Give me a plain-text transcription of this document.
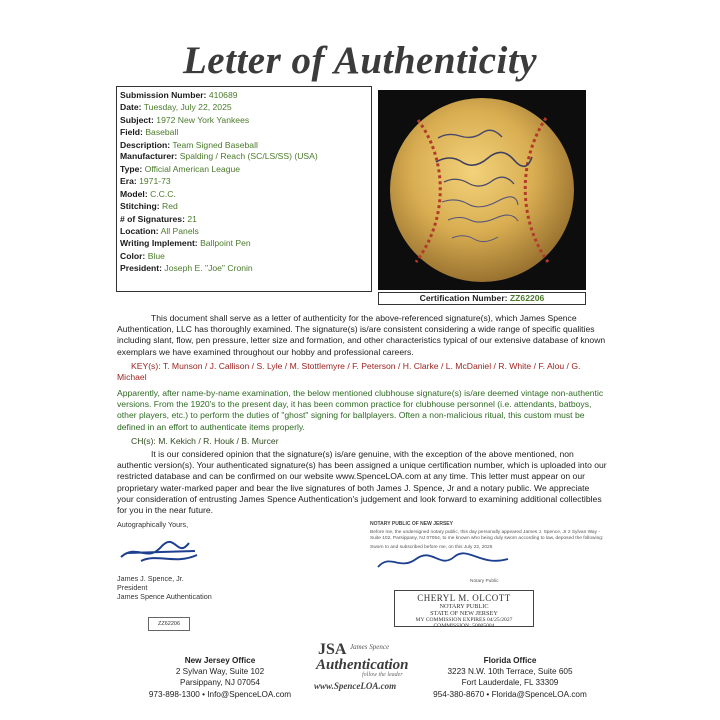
Letter of Authenticity
Submission Number: 410689
Date: Tuesday, July 22, 2025
Subject: 1972 New York Yankees
Field: Baseball
Description: Team Signed Baseball
Manufacturer: Spalding / Reach (SC/LS/SS) (USA)
Type: Official American League
Era: 1971-73
Model: C.C.C.
Stitching: Red
# of Signatures: 21
Location: All Panels
Writing Implement: Ballpoint Pen
Color: Blue
President: Joseph E. "Joe" Cronin
Certification Number: ZZ62206
This document shall serve as a letter of authenticity for the above-referenced signature(s), which James Spence Authentication, LLC has thoroughly examined. The signature(s) is/are consistent considering a wide range of specific qualities including slant, flow, pen pressure, letter size and formation, and other characteristics typical of our extensive database of known exemplars we have examined throughout our hobby and professional careers.
KEY(s): T. Munson / J. Callison / S. Lyle / M. Stottlemyre / F. Peterson / H. Clarke / L. McDaniel / R. White / F. Alou / G. Michael
Apparently, after name-by-name examination, the below mentioned clubhouse signature(s) is/are deemed vintage non-authentic versions. From the 1920's to the present day, it has been common practice for clubhouse personnel (i.e. attendants, batboys, other players, etc.) to perform the duties of "ghost" signing for ballplayers. Often a non-malicious ritual, this custom must be defined in an effort to authenticate items properly.
CH(s): M. Kekich / R. Houk / B. Murcer
It is our considered opinion that the signature(s) is/are genuine, with the exception of the above mentioned, non authentic version(s). Your authenticated signature(s) has been assigned a unique certification number, which is uploaded into our restricted database and can be confirmed on our website www.SpenceLOA.com at any time. This letter must appear on our proprietary water-marked paper and bear the live signatures of both James J. Spence, Jr and a notary public. We appreciate your consideration of entrusting James Spence Authentication's judgement and look forward to examining additional collectibles for you in the near future.
Autographically Yours,
James J. Spence, Jr.
President
James Spence Authentication
ZZ62206
NOTARY PUBLIC OF NEW JERSEY
Before me, the undersigned notary public, this day personally appeared James J. Spence, Jr 2 Sylvan Way - Suite 102, Parsippany, NJ 07054, to me known who being duly sworn according to law, deposed the following:
Sworn to and subscribed before me, on this July 22, 2025
Notary Public
CHERYL M. OLCOTT
NOTARY PUBLIC
STATE OF NEW JERSEY
MY COMMISSION EXPIRES 04/25/2027
COMMISSION: 50005004
New Jersey Office
2 Sylvan Way, Suite 102
Parsippany, NJ 07054
973-898-1300 • Info@SpenceLOA.com
JSA James Spence
Authentication
follow the leader
www.SpenceLOA.com
Florida Office
3223 N.W. 10th Terrace, Suite 605
Fort Lauderdale, FL 33309
954-380-8670 • Florida@SpenceLOA.com
